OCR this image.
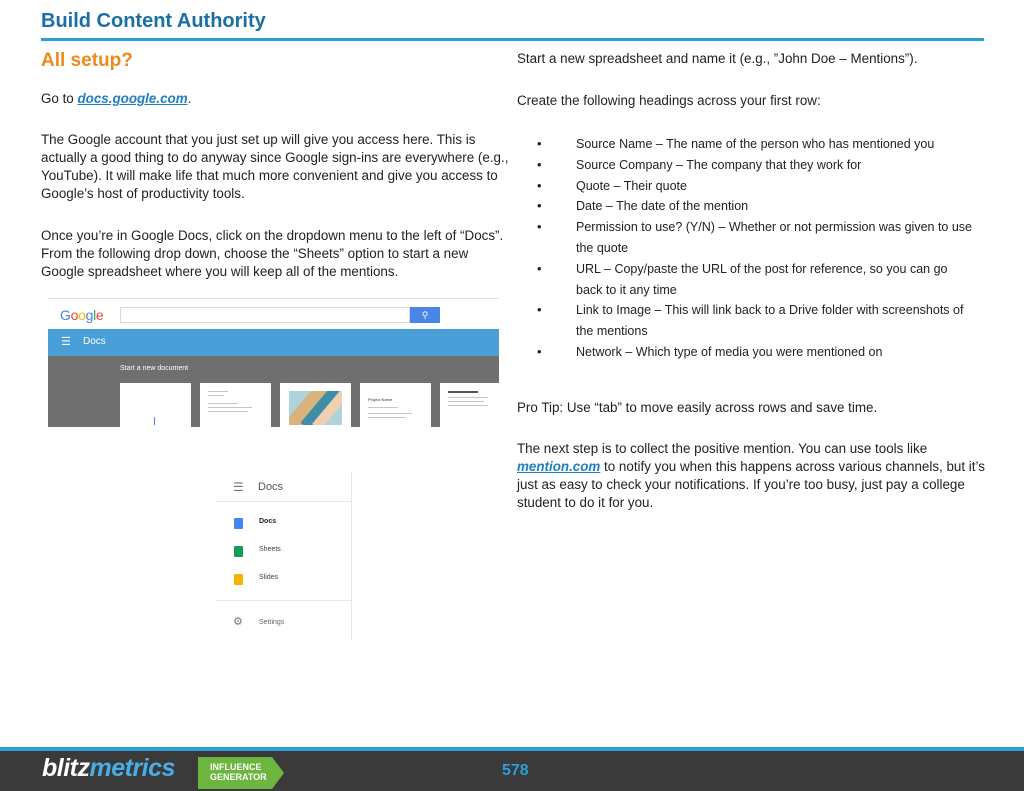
Build Content Authority
All setup?
Go to docs.google.com.
The Google account that you just set up will give you access here. This is actually a good thing to do anyway since Google sign-ins are everywhere (e.g., YouTube). It will make life that much more convenient and give you access to Google’s host of productivity tools.
Once you’re in Google Docs, click on the dropdown menu to the left of “Docs”. From the following drop down, choose the “Sheets” option to start a new Google spreadsheet where you will keep all of the mentions.
Google	⚲
☰ Docs
Start a new document
Project Name
☰ Docs
Docs
Sheets
Slides
⚙ Settings
Start a new spreadsheet and name it (e.g., ”John Doe – Mentions”).
Create the following headings across your first row:
•	Source Name – The name of the person who has mentioned you
•	Source Company – The company that they work for
•	Quote – Their quote
•	Date – The date of the mention
•	Permission to use? (Y/N) – Whether or not permission was given to use the quote
•	URL – Copy/paste the URL of the post for reference, so you can go back to it any time
•	Link to Image – This will link back to a Drive folder with screenshots of the mentions
•	Network – Which type of media you were mentioned on
Pro Tip: Use “tab” to move easily across rows and save time.
The next step is to collect the positive mention. You can use tools like mention.com to notify you when this happens across various channels, but it’s just as easy to check your notifications. If you’re too busy, just pay a college student to do it for you.
blitzmetrics	INFLUENCE
GENERATOR	578
